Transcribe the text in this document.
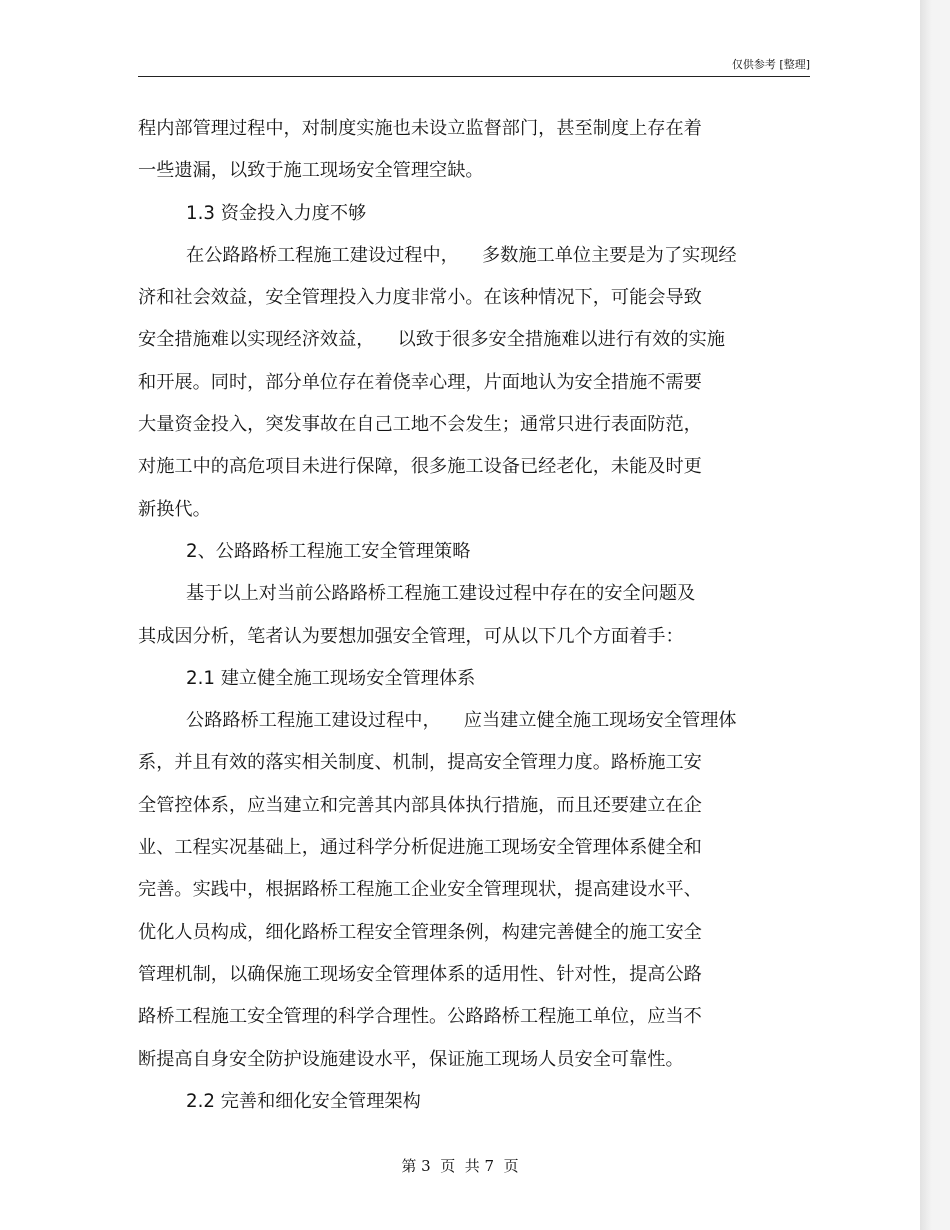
仅供参考 [整理]
程内部管理过程中，对制度实施也未设立监督部门，甚至制度上存在着
一些遗漏，以致于施工现场安全管理空缺。
1.3 资金投入力度不够
在公路路桥工程施工建设过程中，    多数施工单位主要是为了实现经
济和社会效益，安全管理投入力度非常小。在该种情况下，可能会导致
安全措施难以实现经济效益，    以致于很多安全措施难以进行有效的实施
和开展。同时，部分单位存在着侥幸心理，片面地认为安全措施不需要
大量资金投入，突发事故在自己工地不会发生；通常只进行表面防范，
对施工中的高危项目未进行保障，很多施工设备已经老化，未能及时更
新换代。
2、公路路桥工程施工安全管理策略
基于以上对当前公路路桥工程施工建设过程中存在的安全问题及
其成因分析，笔者认为要想加强安全管理，可从以下几个方面着手：
2.1 建立健全施工现场安全管理体系
公路路桥工程施工建设过程中，    应当建立健全施工现场安全管理体
系，并且有效的落实相关制度、机制，提高安全管理力度。路桥施工安
全管控体系，应当建立和完善其内部具体执行措施，而且还要建立在企
业、工程实况基础上，通过科学分析促进施工现场安全管理体系健全和
完善。实践中，根据路桥工程施工企业安全管理现状，提高建设水平、
优化人员构成，细化路桥工程安全管理条例，构建完善健全的施工安全
管理机制，以确保施工现场安全管理体系的适用性、针对性，提高公路
路桥工程施工安全管理的科学合理性。公路路桥工程施工单位，应当不
断提高自身安全防护设施建设水平，保证施工现场人员安全可靠性。
2.2 完善和细化安全管理架构
第 3  页  共 7  页
